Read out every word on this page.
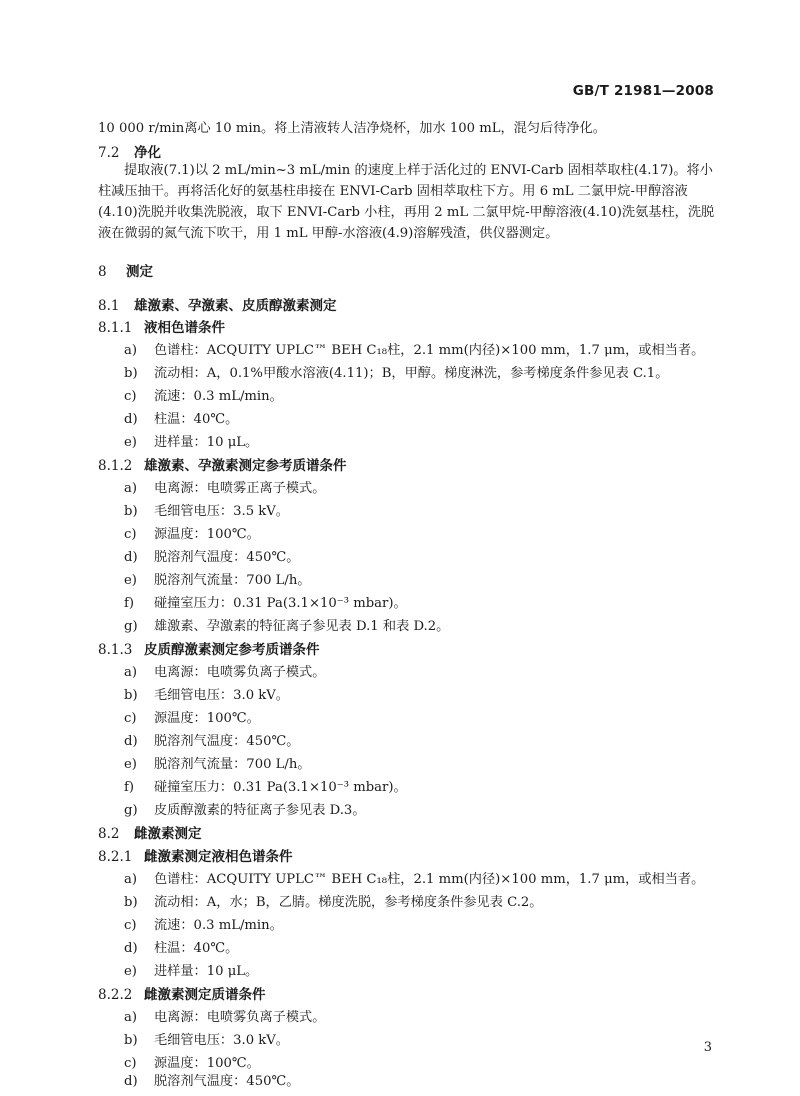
GB/T 21981—2008

10 000 r/min离心 10 min。将上清液转人洁净烧杯，加水 100 mL，混匀后待净化。

7.2 净化

提取液(7.1)以 2 mL/min~3 mL/min 的速度上样于活化过的 ENVI-Carb 固相萃取柱(4.17)。将小柱减压抽干。再将活化好的氨基柱串接在 ENVI-Carb 固相萃取柱下方。用 6 mL 二氯甲烷-甲醇溶液(4.10)洗脱并收集洗脱液，取下 ENVI-Carb 小柱，再用 2 mL 二氯甲烷-甲醇溶液(4.10)洗氨基柱，洗脱液在微弱的氮气流下吹干，用 1 mL 甲醇-水溶液(4.9)溶解残渣，供仪器测定。

8 测定
8.1 雄激素、孕激素、皮质醇激素测定
8.1.1 液相色谱条件
a) 色谱柱：ACQUITY UPLC™ BEH C₁₈柱，2.1 mm(内径)×100 mm，1.7 μm，或相当者。
b) 流动相：A，0.1%甲酸水溶液(4.11)；B，甲醇。梯度淋洗，参考梯度条件参见表 C.1。
c) 流速：0.3 mL/min。
d) 柱温：40℃。
e) 进样量：10 μL。
8.1.2 雄激素、孕激素测定参考质谱条件
a) 电离源：电喷雾正离子模式。
b) 毛细管电压：3.5 kV。
c) 源温度：100℃。
d) 脱溶剂气温度：450℃。
e) 脱溶剂气流量：700 L/h。
f) 碰撞室压力：0.31 Pa(3.1×10⁻³ mbar)。
g) 雄激素、孕激素的特征离子参见表 D.1 和表 D.2。
8.1.3 皮质醇激素测定参考质谱条件
a) 电离源：电喷雾负离子模式。
b) 毛细管电压：3.0 kV。
c) 源温度：100℃。
d) 脱溶剂气温度：450℃。
e) 脱溶剂气流量：700 L/h。
f) 碰撞室压力：0.31 Pa(3.1×10⁻³ mbar)。
g) 皮质醇激素的特征离子参见表 D.3。
8.2 雌激素测定
8.2.1 雌激素测定液相色谱条件
a) 色谱柱：ACQUITY UPLC™ BEH C₁₈柱，2.1 mm(内径)×100 mm，1.7 μm，或相当者。
b) 流动相：A，水；B，乙腈。梯度洗脱，参考梯度条件参见表 C.2。
c) 流速：0.3 mL/min。
d) 柱温：40℃。
e) 进样量：10 μL。
8.2.2 雌激素测定质谱条件
a) 电离源：电喷雾负离子模式。
b) 毛细管电压：3.0 kV。
c) 源温度：100℃。
d) 脱溶剂气温度：450℃。
3
